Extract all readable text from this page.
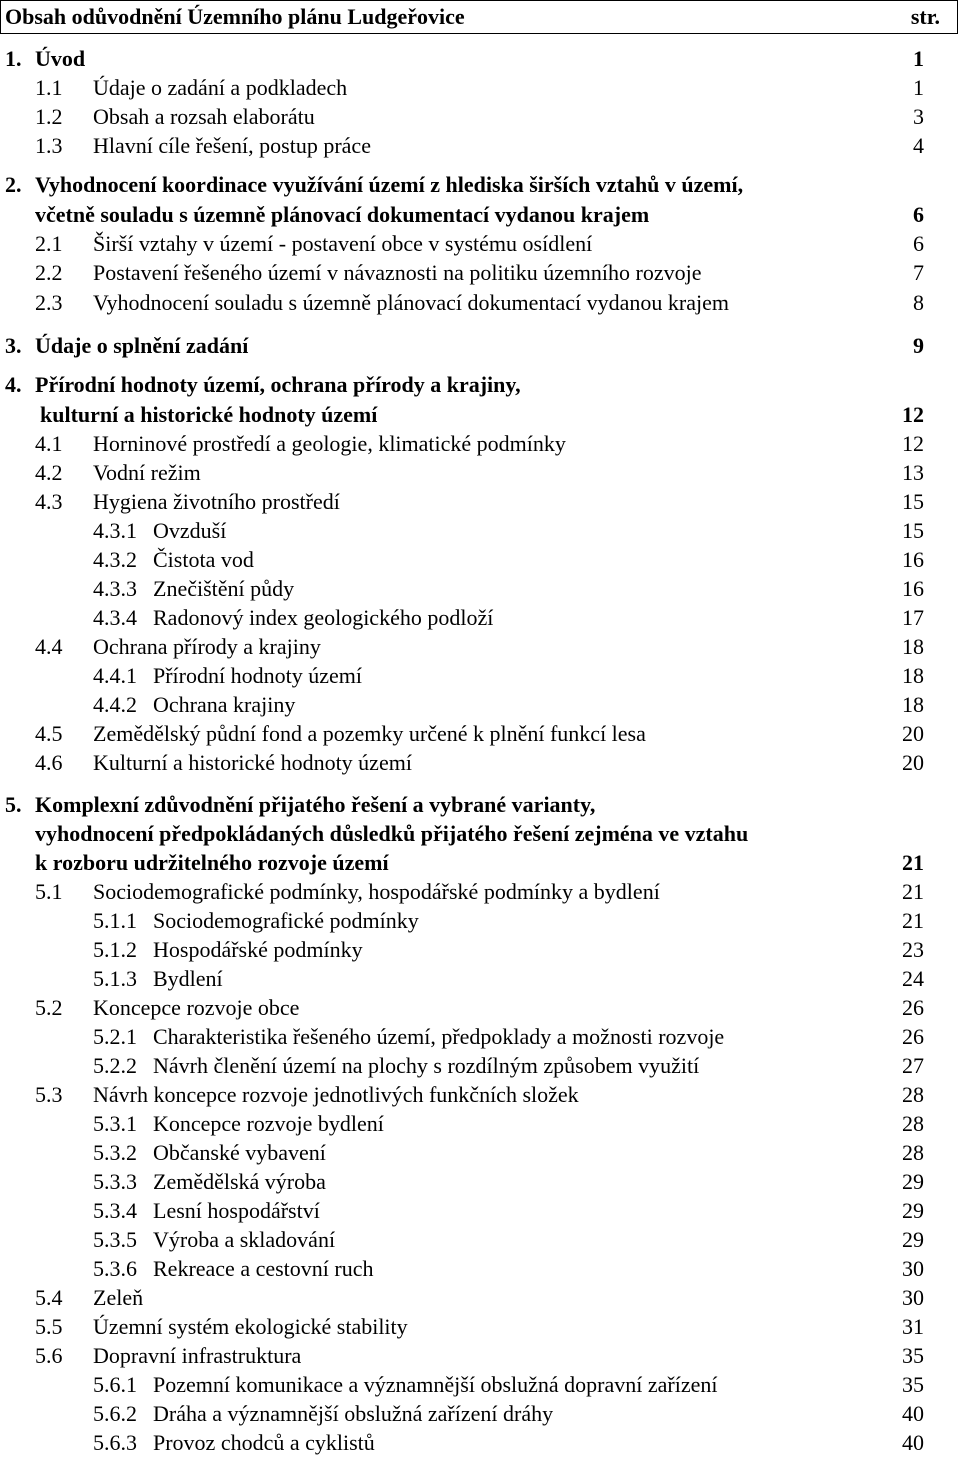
Obsah odůvodnění Územního plánu Ludgeřovice	str.
1. Úvod	1
1.1 Údaje o zadání a podkladech	1
1.2 Obsah a rozsah elaborátu	3
1.3 Hlavní cíle řešení, postup práce	4
2. Vyhodnocení koordinace využívání území z hlediska širších vztahů v území,
včetně souladu s územně plánovací dokumentací vydanou krajem	6
2.1 Širší vztahy v území - postavení obce v systému osídlení	6
2.2 Postavení řešeného území v návaznosti na politiku územního rozvoje	7
2.3 Vyhodnocení souladu s územně plánovací dokumentací vydanou krajem	8
3. Údaje o splnění zadání	9
4. Přírodní hodnoty území, ochrana přírody a krajiny,
kulturní a historické hodnoty území	12
4.1 Horninové prostředí a geologie, klimatické podmínky	12
4.2 Vodní režim	13
4.3 Hygiena životního prostředí	15
4.3.1 Ovzduší	15
4.3.2 Čistota vod	16
4.3.3 Znečištění půdy	16
4.3.4 Radonový index geologického podloží	17
4.4 Ochrana přírody a krajiny	18
4.4.1 Přírodní hodnoty území	18
4.4.2 Ochrana krajiny	18
4.5 Zemědělský půdní fond a pozemky určené k plnění funkcí lesa	20
4.6 Kulturní a historické hodnoty území	20
5. Komplexní zdůvodnění přijatého řešení a vybrané varianty,
vyhodnocení předpokládaných důsledků přijatého řešení zejména ve vztahu
k rozboru udržitelného rozvoje území	21
5.1 Sociodemografické podmínky, hospodářské podmínky a bydlení	21
5.1.1 Sociodemografické podmínky	21
5.1.2 Hospodářské podmínky	23
5.1.3 Bydlení	24
5.2 Koncepce rozvoje obce	26
5.2.1 Charakteristika řešeného území, předpoklady a možnosti rozvoje	26
5.2.2 Návrh členění území na plochy s rozdílným způsobem využití	27
5.3 Návrh koncepce rozvoje jednotlivých funkčních složek	28
5.3.1 Koncepce rozvoje bydlení	28
5.3.2 Občanské vybavení	28
5.3.3 Zemědělská výroba	29
5.3.4 Lesní hospodářství	29
5.3.5 Výroba a skladování	29
5.3.6 Rekreace a cestovní ruch	30
5.4 Zeleň	30
5.5 Územní systém ekologické stability	31
5.6 Dopravní infrastruktura	35
5.6.1 Pozemní komunikace a významnější obslužná dopravní zařízení	35
5.6.2 Dráha a významnější obslužná zařízení dráhy	40
5.6.3 Provoz chodců a cyklistů	40
